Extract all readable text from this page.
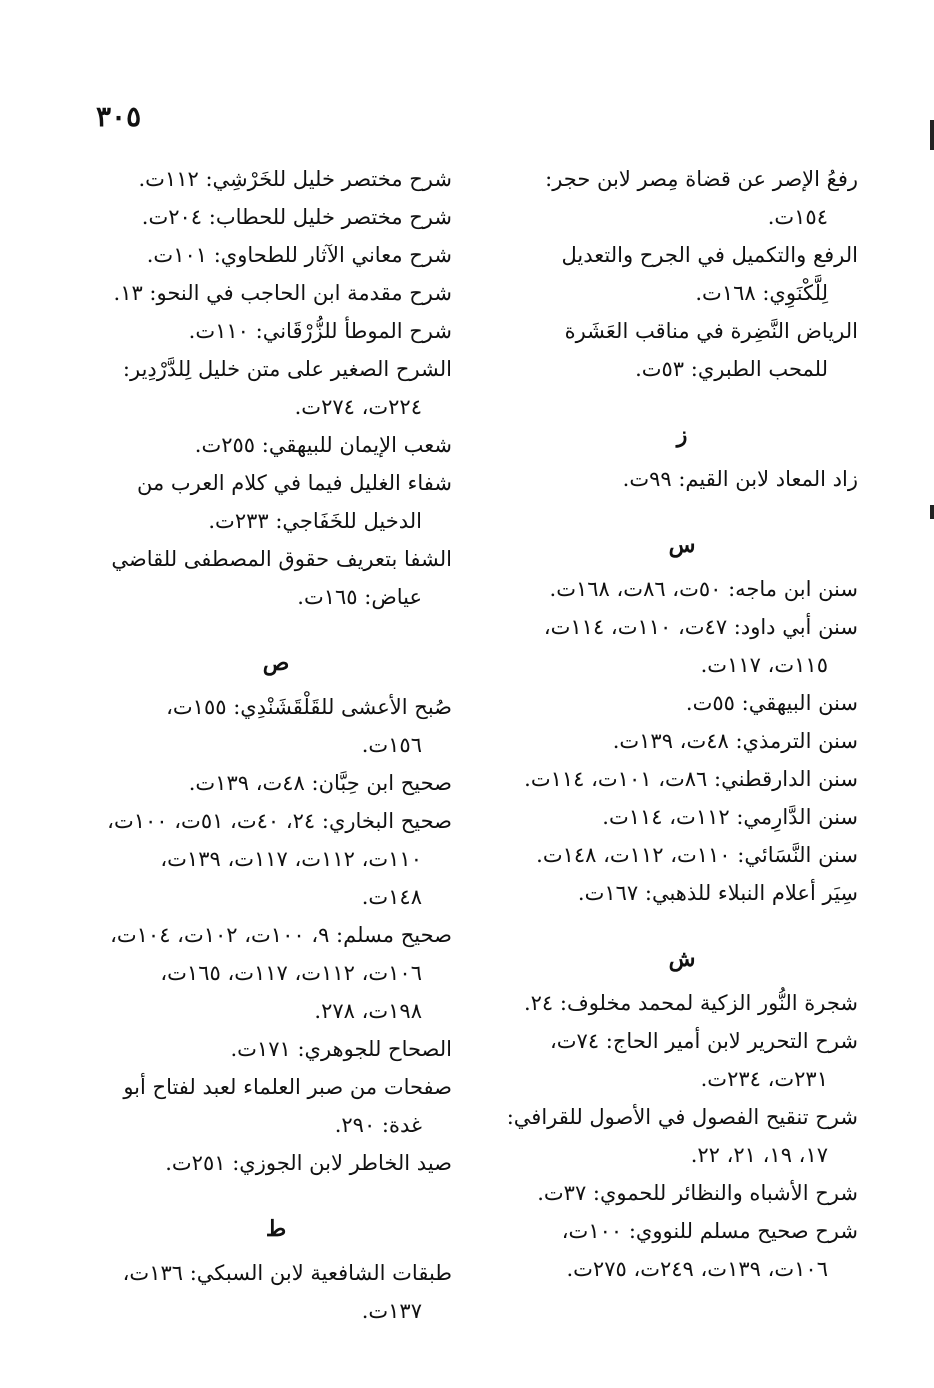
٣٠٥
رفعُ الإصر عن قضاة مِصر لابن حجر: ١٥٤ت.
الرفع والتكميل في الجرح والتعديل لِلَّكْنَوِي: ١٦٨ت.
الرياض النَّضِرة في مناقب العَشَرة للمحب الطبري: ٥٣ت.
ز
زاد المعاد لابن القيم: ٩٩ت.
س
سنن ابن ماجه: ٥٠ت، ٨٦ت، ١٦٨ت.
سنن أبي داود: ٤٧ت، ١١٠ت، ١١٤ت، ١١٥ت، ١١٧ت.
سنن البيهقي: ٥٥ت.
سنن الترمذي: ٤٨ت، ١٣٩ت.
سنن الدارقطني: ٨٦ت، ١٠١ت، ١١٤ت.
سنن الدَّارِمي: ١١٢ت، ١١٤ت.
سنن النَّسَائي: ١١٠ت، ١١٢ت، ١٤٨ت.
سِيَر أعلام النبلاء للذهبي: ١٦٧ت.
ش
شجرة النُّور الزكية لمحمد مخلوف: ٢٤.
شرح التحرير لابن أمير الحاج: ٧٤ت، ٢٣١ت، ٢٣٤ت.
شرح تنقيح الفصول في الأصول للقرافي: ١٧، ١٩، ٢١، ٢٢.
شرح الأشباه والنظائر للحموي: ٣٧ت.
شرح صحيح مسلم للنووي: ١٠٠ت، ١٠٦ت، ١٣٩ت، ٢٤٩ت، ٢٧٥ت.
شرح مختصر خليل للخَرْشِي: ١١٢ت.
شرح مختصر خليل للحطاب: ٢٠٤ت.
شرح معاني الآثار للطحاوي: ١٠١ت.
شرح مقدمة ابن الحاجب في النحو: ١٣.
شرح الموطأ للزُّرْقَاني: ١١٠ت.
الشرح الصغير على متن خليل لِلدَّرْدِير: ٢٢٤ت، ٢٧٤ت.
شعب الإيمان للبيهقي: ٢٥٥ت.
شفاء الغليل فيما في كلام العرب من الدخيل للخَفَاجي: ٢٣٣ت.
الشفا بتعريف حقوق المصطفى للقاضي عياض: ١٦٥ت.
ص
صُبح الأعشى للقَلْقَشَنْدِي: ١٥٥ت، ١٥٦ت.
صحيح ابن حِبَّان: ٤٨ت، ١٣٩ت.
صحيح البخاري: ٢٤، ٤٠ت، ٥١ت، ١٠٠ت، ١١٠ت، ١١٢ت، ١١٧ت، ١٣٩ت، ١٤٨ت.
صحيح مسلم: ٩، ١٠٠ت، ١٠٢ت، ١٠٤ت، ١٠٦ت، ١١٢ت، ١١٧ت، ١٦٥ت، ١٩٨ت، ٢٧٨.
الصحاح للجوهري: ١٧١ت.
صفحات من صبر العلماء لعبد لفتاح أبو غدة: ٢٩٠.
صيد الخاطر لابن الجوزي: ٢٥١ت.
ط
طبقات الشافعية لابن السبكي: ١٣٦ت، ١٣٧ت.
